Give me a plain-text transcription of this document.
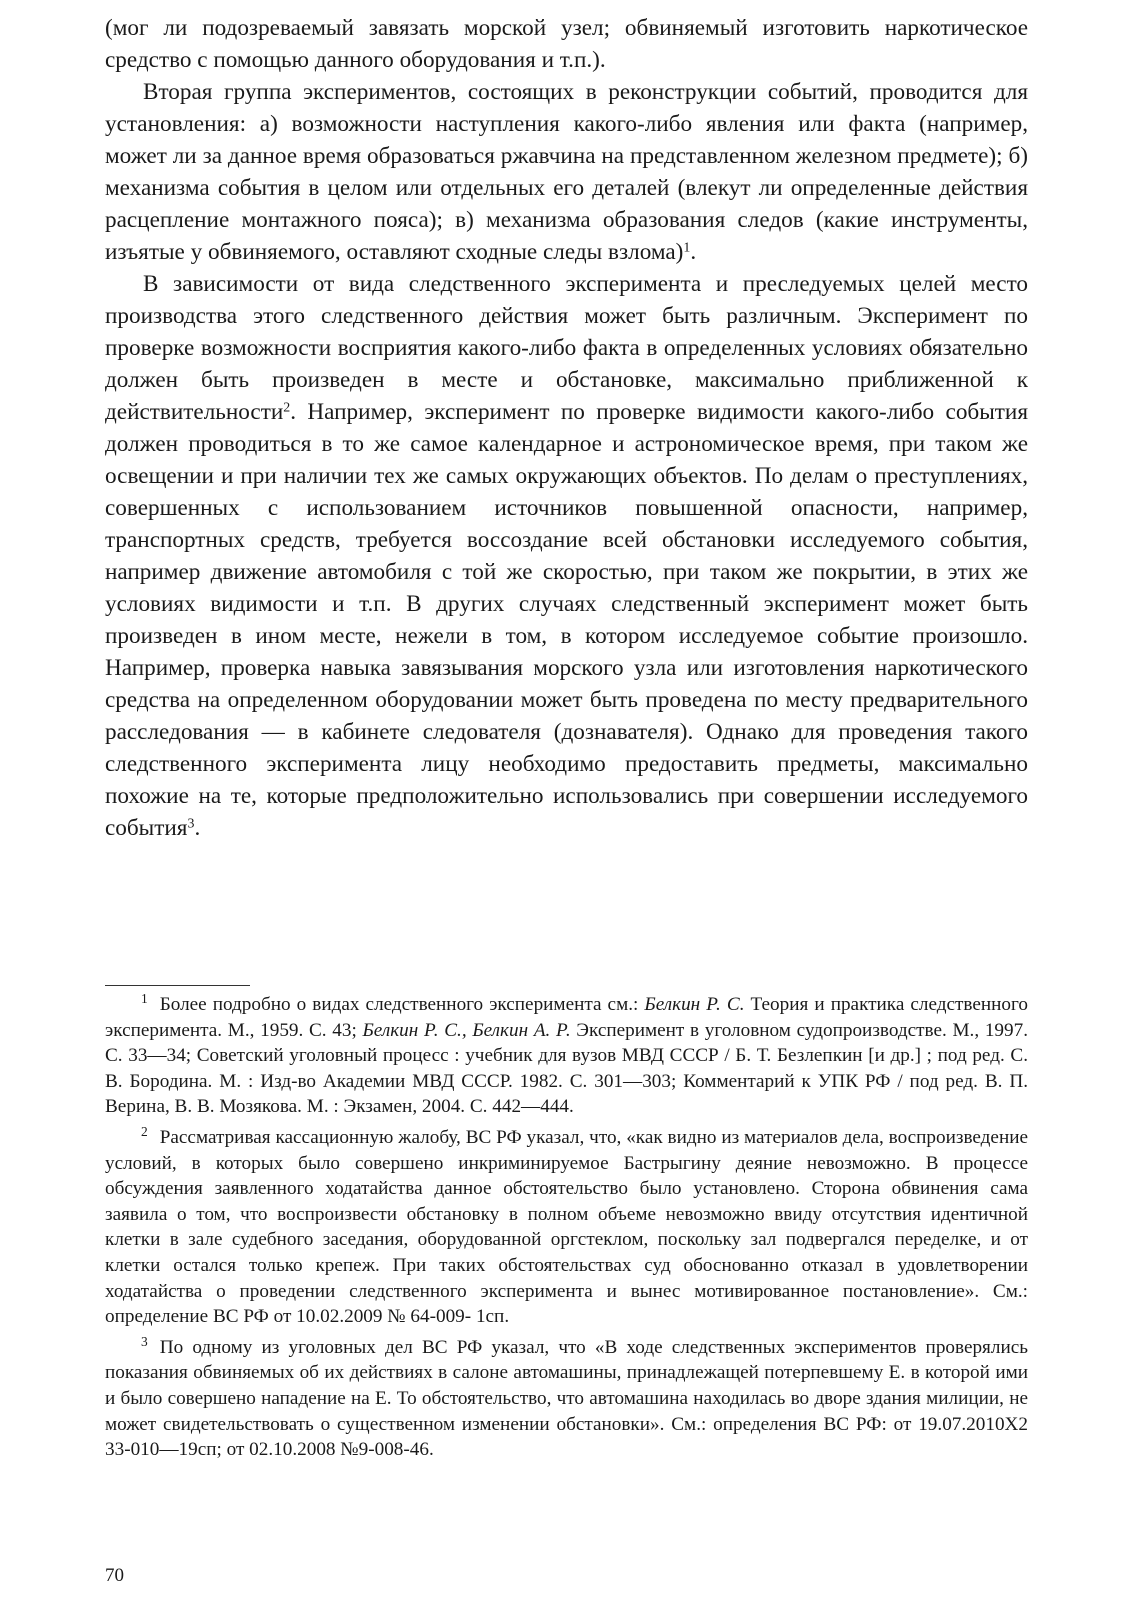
(мог ли подозреваемый завязать морской узел; обвиняемый изготовить наркотическое средство с помощью данного оборудования и т.п.).

Вторая группа экспериментов, состоящих в реконструкции событий, проводится для установления: а) возможности наступления какого-либо явления или факта (например, может ли за данное время образоваться ржавчина на представленном железном предмете); б) механизма события в целом или отдельных его деталей (влекут ли определенные действия расцепление монтажного пояса); в) механизма образования следов (какие инструменты, изъятые у обвиняемого, оставляют сходные следы взлома)$^1$.

В зависимости от вида следственного эксперимента и преследуемых целей место производства этого следственного действия может быть различным. Эксперимент по проверке возможности восприятия какого-либо факта в определенных условиях обязательно должен быть произведен в месте и обстановке, максимально приближенной к действительности$^2$. Например, эксперимент по проверке видимости какого-либо события должен проводиться в то же самое календарное и астрономическое время, при таком же освещении и при наличии тех же самых окружающих объектов. По делам о преступлениях, совершенных с использованием источников повышенной опасности, например, транспортных средств, требуется воссоздание всей обстановки исследуемого события, например движение автомобиля с той же скоростью, при таком же покрытии, в этих же условиях видимости и т.п. В других случаях следственный эксперимент может быть произведен в ином месте, нежели в том, в котором исследуемое событие произошло. Например, проверка навыка завязывания морского узла или изготовления наркотического средства на определенном оборудовании может быть проведена по месту предварительного расследования — в кабинете следователя (дознавателя). Однако для проведения такого следственного эксперимента лицу необходимо предоставить предметы, максимально похожие на те, которые предположительно использовались при совершении исследуемого события$^3$.

$^1$ Более подробно о видах следственного эксперимента см.: Белкин Р. С. Теория и практика следственного эксперимента. М., 1959. С. 43; Белкин Р. С., Белкин А. Р. Эксперимент в уголовном судопроизводстве. М., 1997. С. 33—34; Советский уголовный процесс : учебник для вузов МВД СССР / Б. Т. Безлепкин [и др.] ; под ред. С. В. Бородина. М. : Изд-во Академии МВД СССР. 1982. С. 301—303; Комментарий к УПК РФ / под ред. В. П. Верина, В. В. Мозякова. М. : Экзамен, 2004. С. 442—444.

$^2$ Рассматривая кассационную жалобу, ВС РФ указал, что, «как видно из материалов дела, воспроизведение условий, в которых было совершено инкриминируемое Бастрыгину деяние невозможно. В процессе обсуждения заявленного ходатайства данное обстоятельство было установлено. Сторона обвинения сама заявила о том, что воспроизвести обстановку в полном объеме невозможно ввиду отсутствия идентичной клетки в зале судебного заседания, оборудованной оргстеклом, поскольку зал подвергался переделке, и от клетки остался только крепеж. При таких обстоятельствах суд обоснованно отказал в удовлетворении ходатайства о проведении следственного эксперимента и вынес мотивированное постановление». См.: определение ВС РФ от 10.02.2009 № 64-009- 1сп.

$^3$ По одному из уголовных дел ВС РФ указал, что «В ходе следственных экспериментов проверялись показания обвиняемых об их действиях в салоне автомашины, принадлежащей потерпевшему Е. в которой ими и было совершено нападение на Е. То обстоятельство, что автомашина находилась во дворе здания милиции, не может свидетельствовать о существенном изменении обстановки». См.: определения ВС РФ: от 19.07.2010Х2 33-010—19сп; от 02.10.2008 №9-008-46.

70
